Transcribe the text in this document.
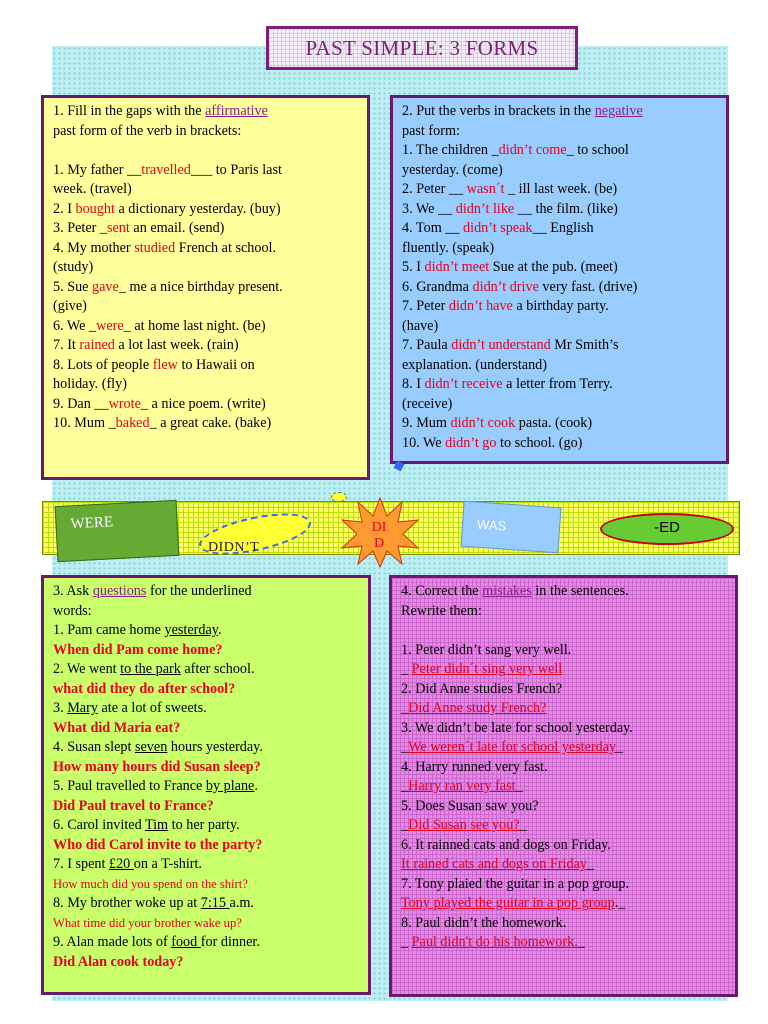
PAST SIMPLE: 3 FORMS
1. Fill in the gaps with the affirmative
past form of the verb in brackets:

1. My father __travelled___ to Paris last
week. (travel)
2. I bought a dictionary yesterday. (buy)
3. Peter _sent an email. (send)
4. My mother studied French at school.
(study)
5. Sue gave_ me a nice birthday present.
(give)
6. We _were_ at home last night. (be)
7. It rained a lot last week. (rain)
8. Lots of people flew to Hawaii on
holiday. (fly)
9. Dan __wrote_ a nice poem. (write)
10. Mum _baked_ a great cake. (bake)
2. Put the verbs in brackets in the negative
past form:
1. The children _didn’t come_ to school
yesterday. (come)
2. Peter __ wasn´t _ ill last week. (be)
3. We __ didn’t like __ the film. (like)
4. Tom __ didn’t speak__ English
fluently. (speak)
5. I didn’t meet Sue at the pub. (meet)
6. Grandma didn’t drive very fast. (drive)
7. Peter didn’t have a birthday party.
(have)
7. Paula didn’t understand Mr Smith’s
explanation. (understand)
8. I didn’t receive a letter from Terry.
(receive)
9. Mum didn’t cook pasta. (cook)
10. We didn’t go to school. (go)
WERE
DIDN’T
DI
D
WAS	-ED
3. Ask questions for the underlined
words:
1. Pam came home yesterday.
When did Pam come home?
2. We went to the park after school.
what did they do after school?
3. Mary ate a lot of sweets.
What did Maria eat?
4. Susan slept seven hours yesterday.
How many hours did Susan sleep?
5. Paul travelled to France by plane.
Did Paul travel to France?
6. Carol invited Tim to her party.
Who did Carol invite to the party?
7. I spent £20 on a T-shirt.
How much did you spend on the shirt?
8. My brother woke up at 7:15 a.m.
What time did your brother wake up?
9. Alan made lots of food for dinner.
Did Alan cook today?
4. Correct the mistakes in the sentences.
Rewrite them:

1. Peter didn’t sang very well.
_ Peter didn´t sing very well
2. Did Anne studies French?
_Did Anne study French?
3. We didn’t be late for school yesterday.
_We weren´t late for school yesterday_
4. Harry runned very fast.
_Harry ran very fast_
5. Does Susan saw you?
_Did Susan see you?_
6. It rainned cats and dogs on Friday.
It rained cats and dogs on Friday_
7. Tony plaied the guitar in a pop group.
Tony played the guitar in a pop group._
8. Paul didn’t the homework.
_ Paul didn't do his homework._
